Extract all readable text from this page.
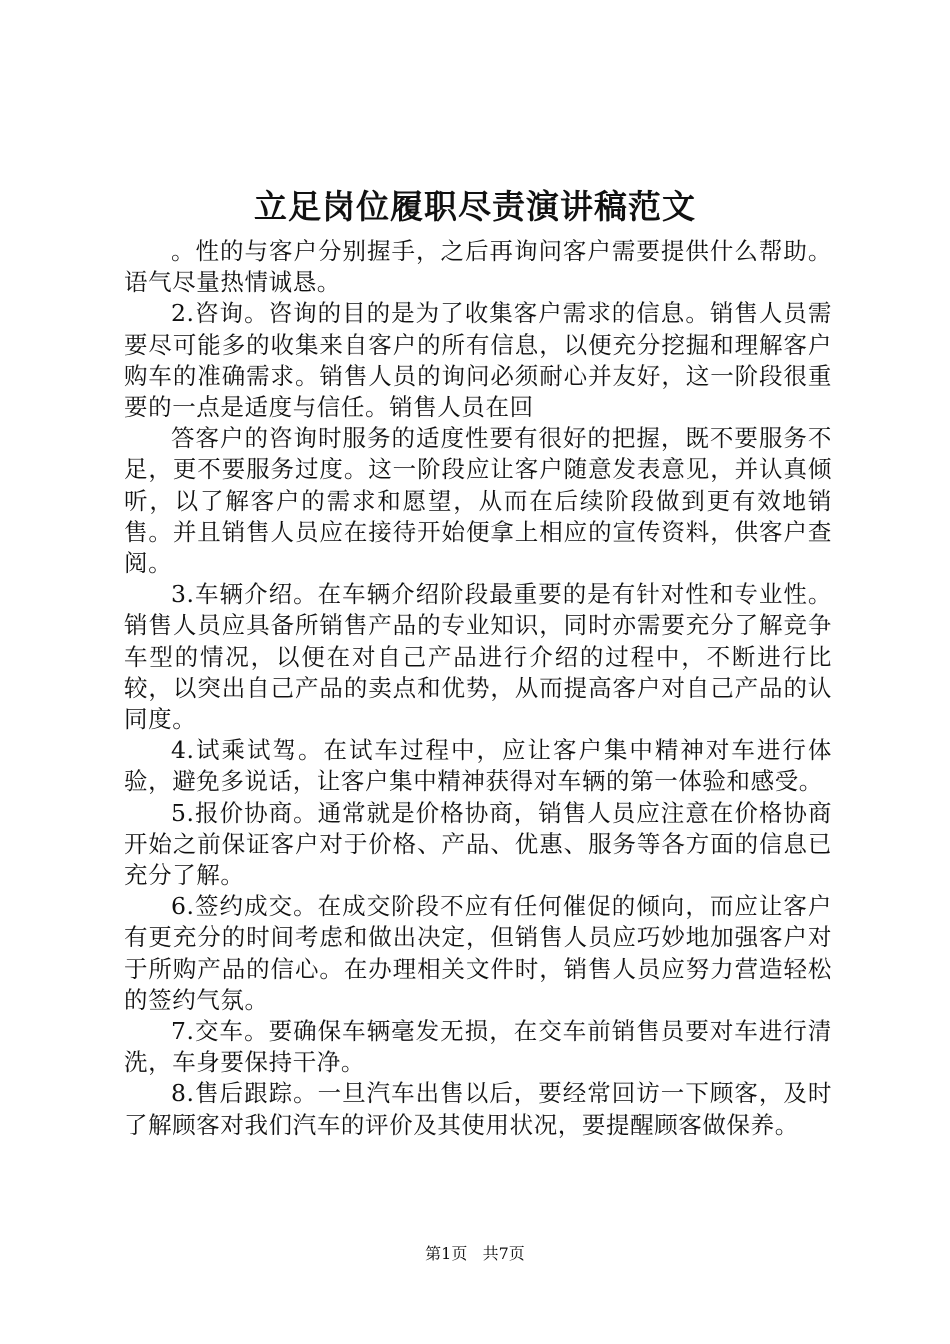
立足岗位履职尽责演讲稿范文

。性的与客户分别握手，之后再询问客户需要提供什么帮助。语气尽量热情诚恳。

2.咨询。咨询的目的是为了收集客户需求的信息。销售人员需要尽可能多的收集来自客户的所有信息，以便充分挖掘和理解客户购车的准确需求。销售人员的询问必须耐心并友好，这一阶段很重要的一点是适度与信任。销售人员在回

答客户的咨询时服务的适度性要有很好的把握，既不要服务不足，更不要服务过度。这一阶段应让客户随意发表意见，并认真倾听，以了解客户的需求和愿望，从而在后续阶段做到更有效地销售。并且销售人员应在接待开始便拿上相应的宣传资料，供客户查阅。

3.车辆介绍。在车辆介绍阶段最重要的是有针对性和专业性。销售人员应具备所销售产品的专业知识，同时亦需要充分了解竞争车型的情况，以便在对自己产品进行介绍的过程中，不断进行比较，以突出自己产品的卖点和优势，从而提高客户对自己产品的认同度。

4.试乘试驾。在试车过程中，应让客户集中精神对车进行体验，避免多说话，让客户集中精神获得对车辆的第一体验和感受。

5.报价协商。通常就是价格协商，销售人员应注意在价格协商开始之前保证客户对于价格、产品、优惠、服务等各方面的信息已充分了解。

6.签约成交。在成交阶段不应有任何催促的倾向，而应让客户有更充分的时间考虑和做出决定，但销售人员应巧妙地加强客户对于所购产品的信心。在办理相关文件时，销售人员应努力营造轻松的签约气氛。

7.交车。要确保车辆毫发无损，在交车前销售员要对车进行清洗，车身要保持干净。

8.售后跟踪。一旦汽车出售以后，要经常回访一下顾客，及时了解顾客对我们汽车的评价及其使用状况，要提醒顾客做保养。

第1页 共7页
